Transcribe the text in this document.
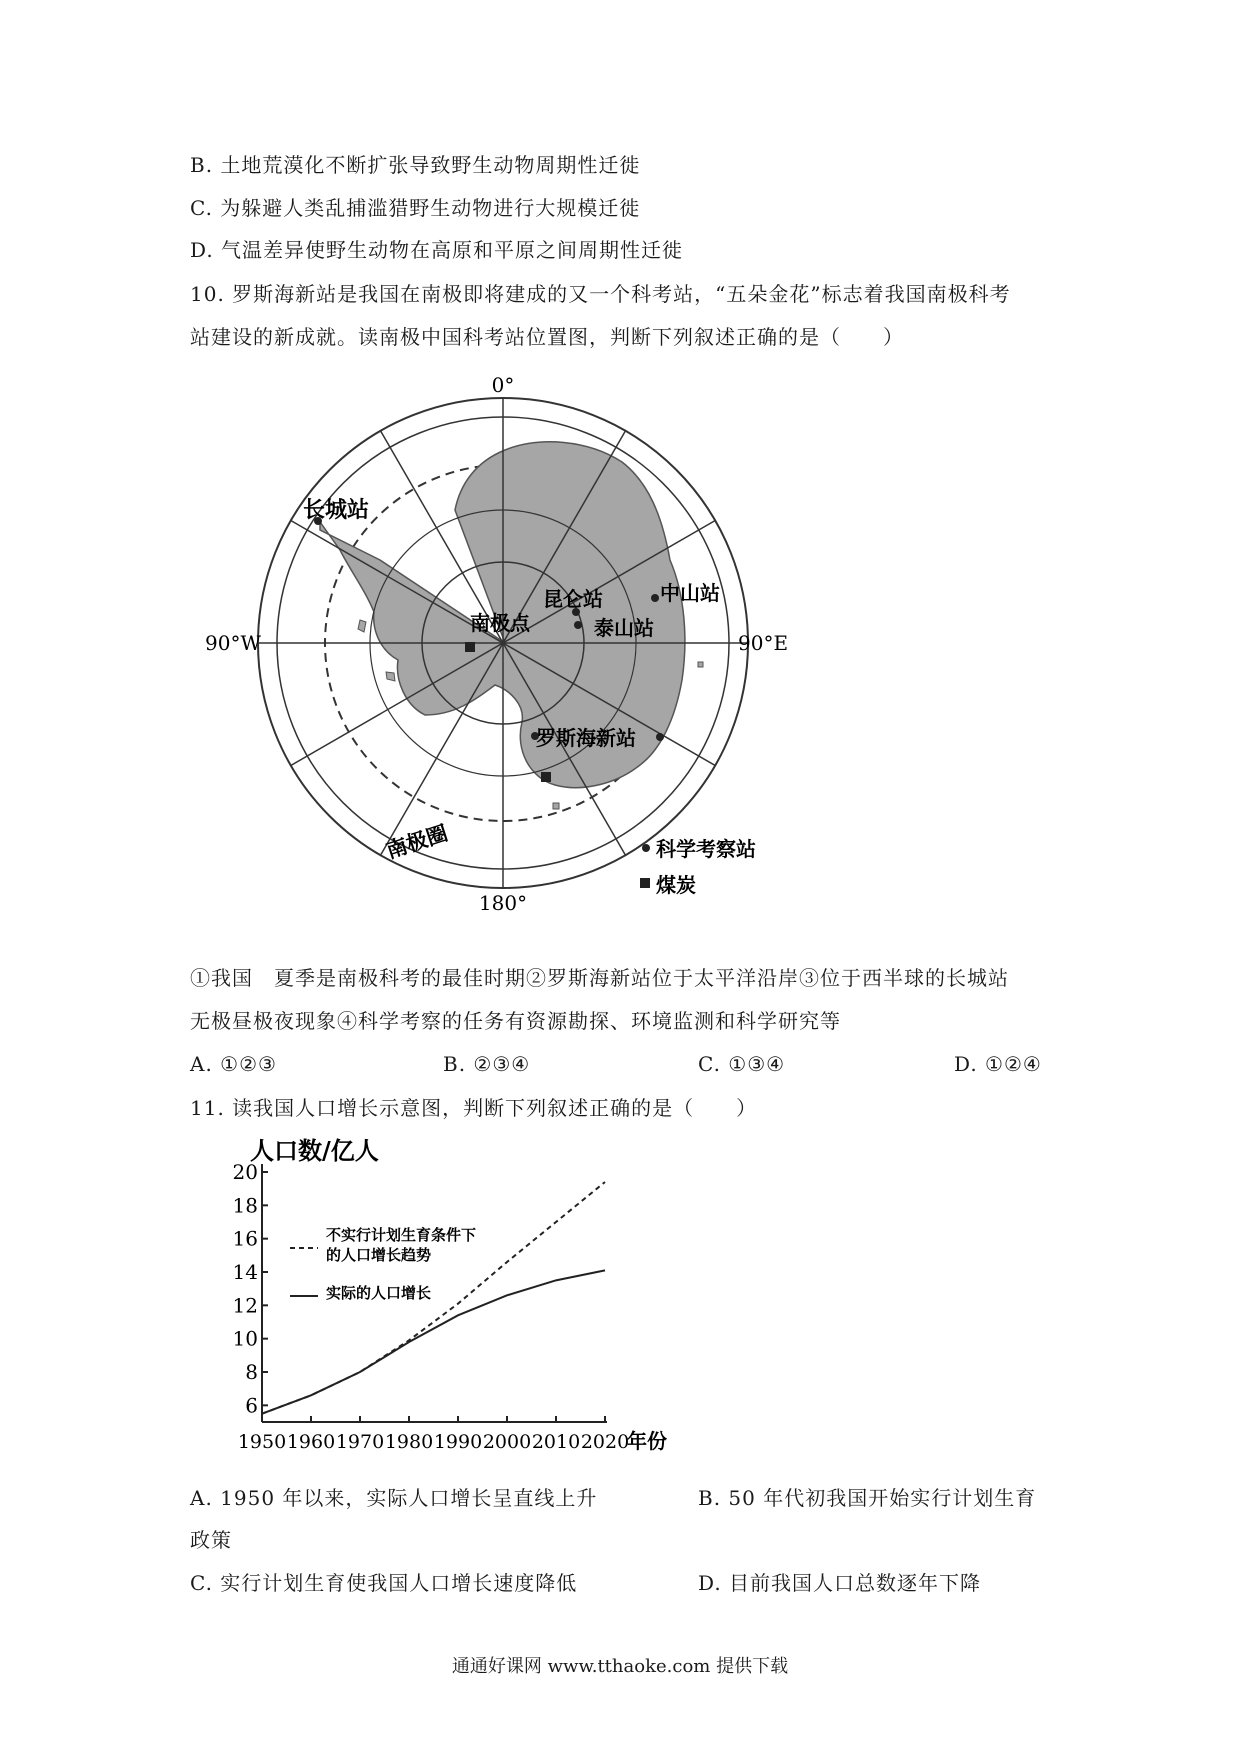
B. 土地荒漠化不断扩张导致野生动物周期性迁徙
C. 为躲避人类乱捕滥猎野生动物进行大规模迁徙
D. 气温差异使野生动物在高原和平原之间周期性迁徙
10. 罗斯海新站是我国在南极即将建成的又一个科考站，“五朵金花”标志着我国南极科考
站建设的新成就。读南极中国科考站位置图，判断下列叙述正确的是（　　）
0°
180°
90°W	90°E
长城站
昆仑站	中山站
泰山站
罗斯海新站
南极点
南极圈	科学考察站
煤炭
①我国　夏季是南极科考的最佳时期②罗斯海新站位于太平洋沿岸③位于西半球的长城站
无极昼极夜现象④科学考察的任务有资源勘探、环境监测和科学研究等
A. ①②③	B. ②③④	C. ①③④	D. ①②④
11. 读我国人口增长示意图，判断下列叙述正确的是（　　）
人口数/亿人
6
8
10
12
14
16
18
20
1950 1960 1970 1980 1990 2000 2010 2020
年份
不实行计划生育条件下
的人口增长趋势
实际的人口增长
A. 1950 年以来，实际人口增长呈直线上升	B. 50 年代初我国开始实行计划生育
政策
C. 实行计划生育使我国人口增长速度降低	D. 目前我国人口总数逐年下降
通通好课网 www.tthaoke.com 提供下载
